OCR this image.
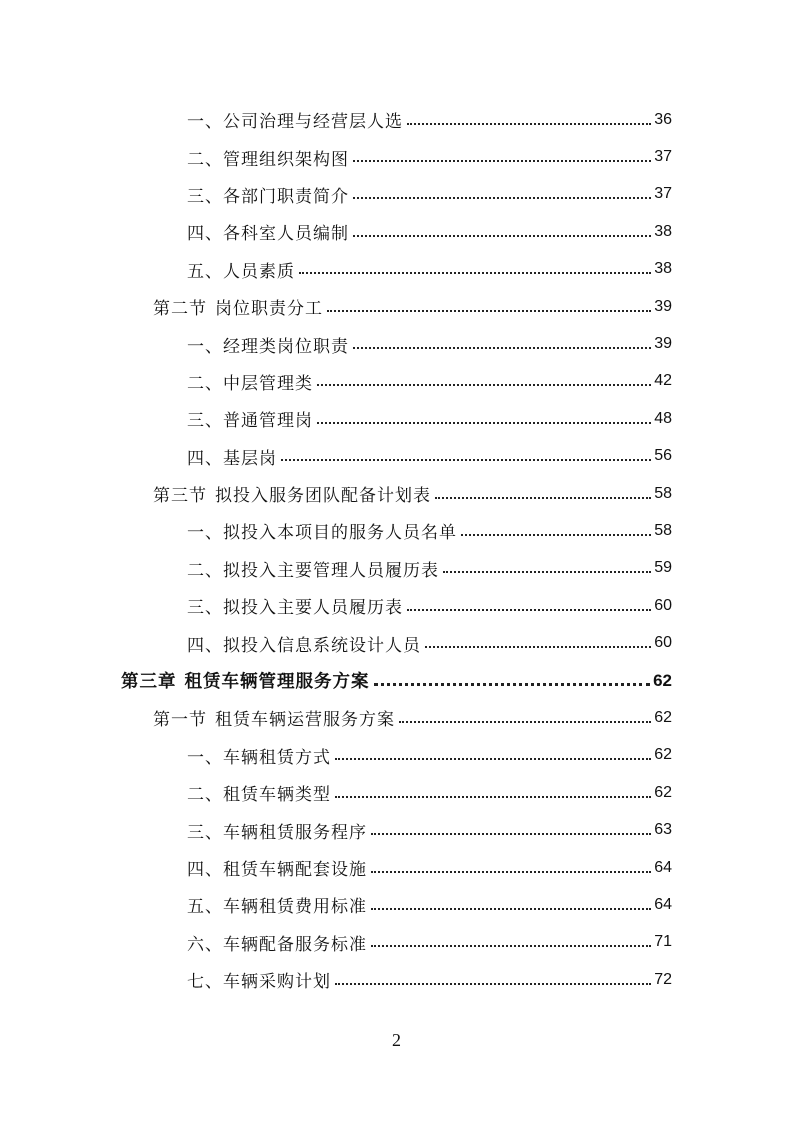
一、公司治理与经营层人选	36
二、管理组织架构图	37
三、各部门职责简介	37
四、各科室人员编制	38
五、人员素质	38
第二节 岗位职责分工	39
一、经理类岗位职责	39
二、中层管理类	42
三、普通管理岗	48
四、基层岗	56
第三节 拟投入服务团队配备计划表	58
一、拟投入本项目的服务人员名单	58
二、拟投入主要管理人员履历表	59
三、拟投入主要人员履历表	60
四、拟投入信息系统设计人员	60
第三章 租赁车辆管理服务方案	62
第一节 租赁车辆运营服务方案	62
一、车辆租赁方式	62
二、租赁车辆类型	62
三、车辆租赁服务程序	63
四、租赁车辆配套设施	64
五、车辆租赁费用标准	64
六、车辆配备服务标准	71
七、车辆采购计划	72
2
